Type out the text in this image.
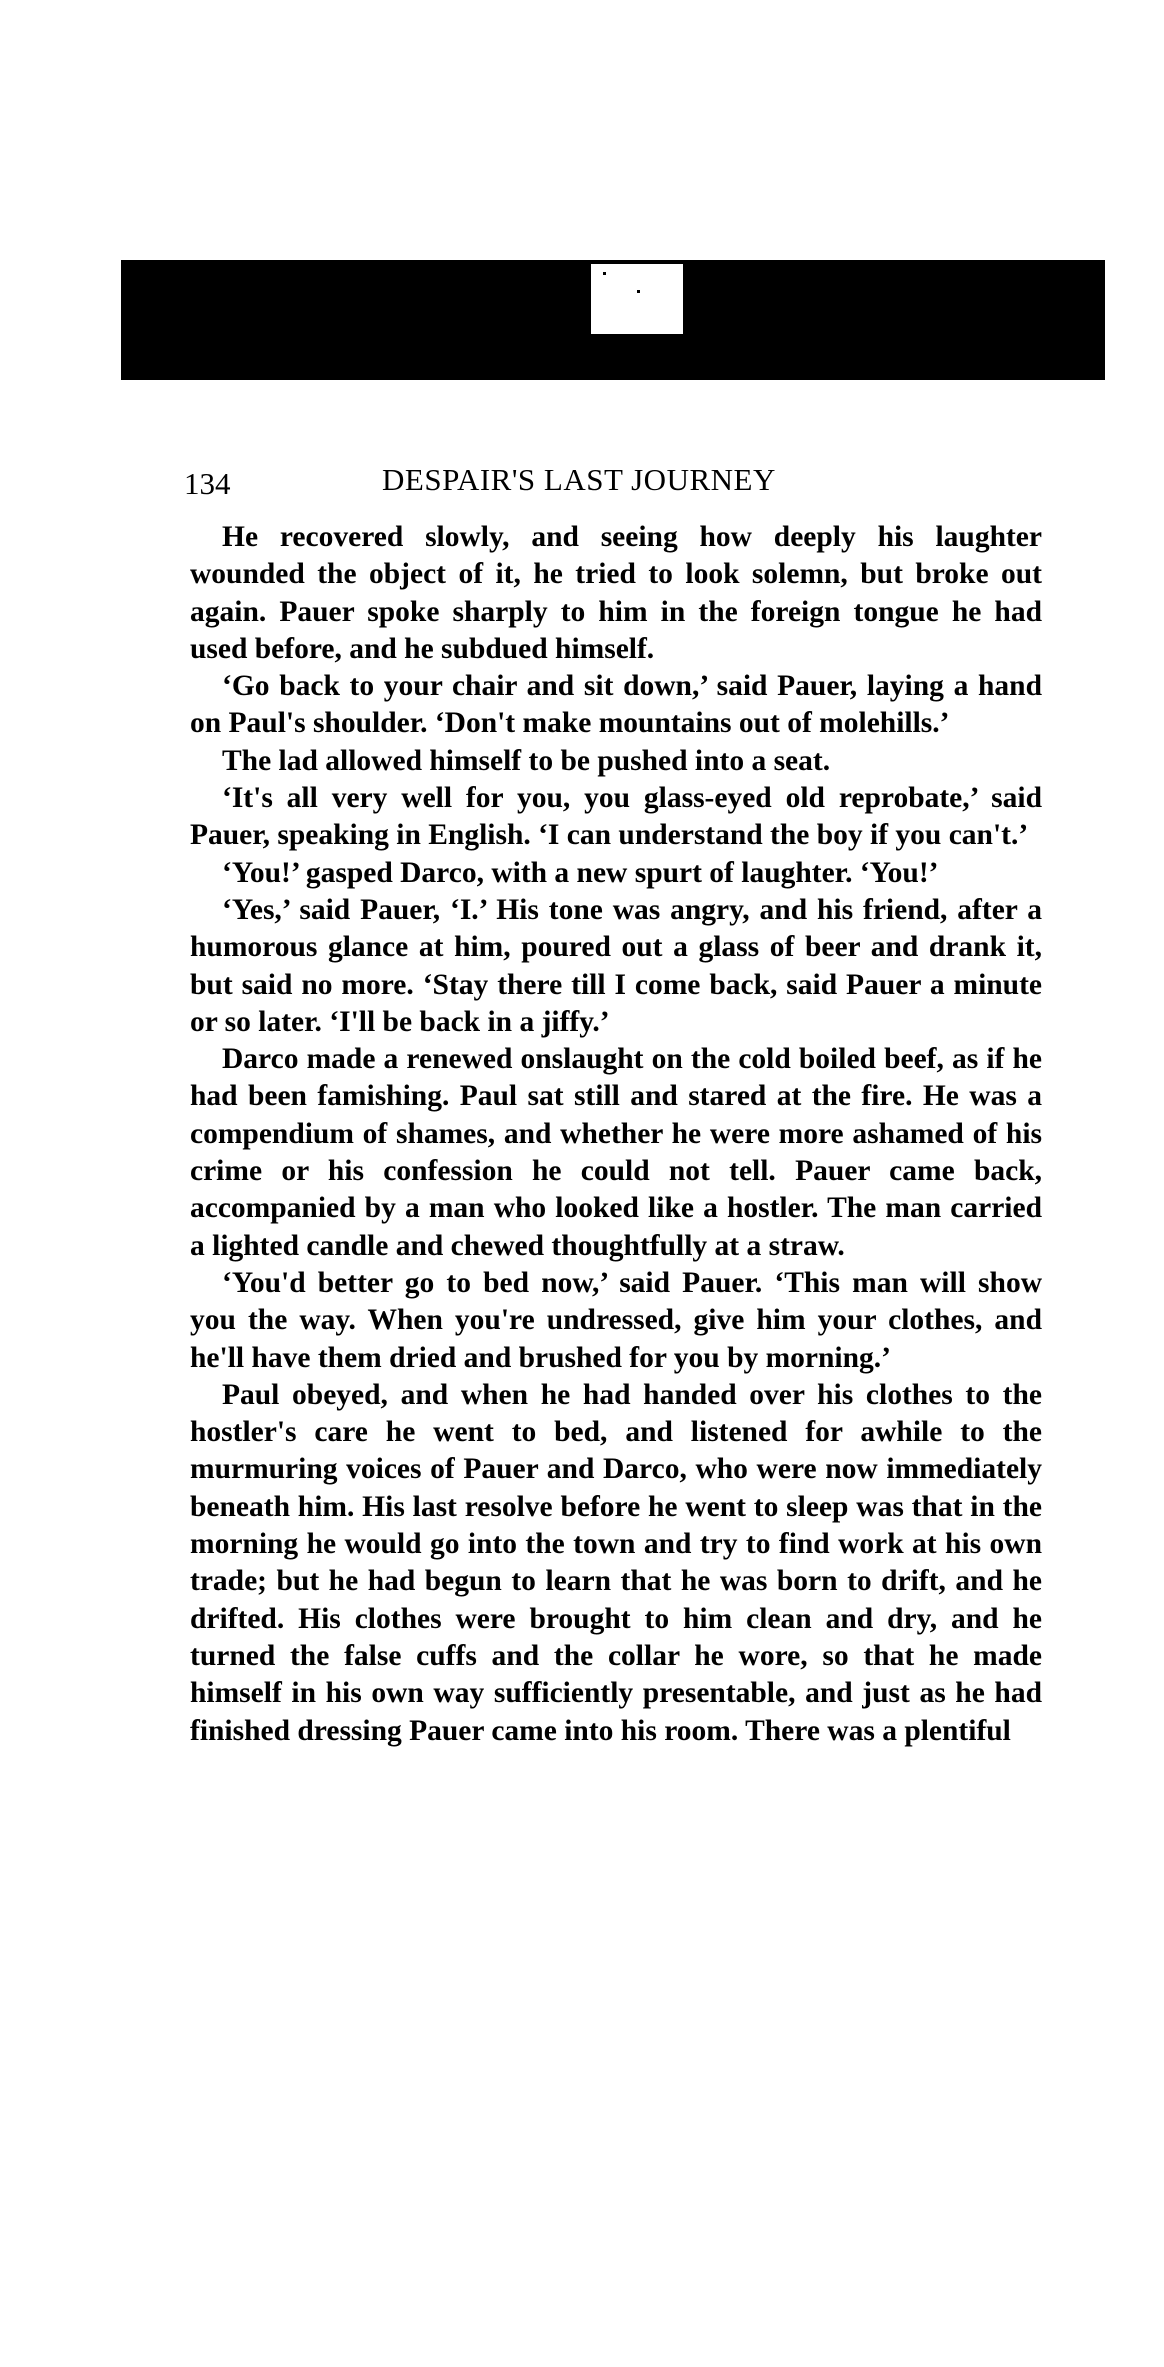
134	DESPAIR'S LAST JOURNEY

He recovered slowly, and seeing how deeply his laughter wounded the object of it, he tried to look solemn, but broke out again. Pauer spoke sharply to him in the foreign tongue he had used before, and he subdued himself.

‘Go back to your chair and sit down,’ said Pauer, laying a hand on Paul's shoulder. ‘Don't make mountains out of molehills.’

The lad allowed himself to be pushed into a seat.

‘It's all very well for you, you glass-eyed old reprobate,’ said Pauer, speaking in English. ‘I can understand the boy if you can't.’

‘You!’ gasped Darco, with a new spurt of laughter. ‘You!’

‘Yes,’ said Pauer, ‘I.’ His tone was angry, and his friend, after a humorous glance at him, poured out a glass of beer and drank it, but said no more. ‘Stay there till I come back, said Pauer a minute or so later. ‘I'll be back in a jiffy.’

Darco made a renewed onslaught on the cold boiled beef, as if he had been famishing. Paul sat still and stared at the fire. He was a compendium of shames, and whether he were more ashamed of his crime or his confession he could not tell. Pauer came back, accompanied by a man who looked like a hostler. The man carried a lighted candle and chewed thoughtfully at a straw.

‘You'd better go to bed now,’ said Pauer. ‘This man will show you the way. When you're undressed, give him your clothes, and he'll have them dried and brushed for you by morning.’

Paul obeyed, and when he had handed over his clothes to the hostler's care he went to bed, and listened for awhile to the murmuring voices of Pauer and Darco, who were now immediately beneath him. His last resolve before he went to sleep was that in the morning he would go into the town and try to find work at his own trade; but he had begun to learn that he was born to drift, and he drifted. His clothes were brought to him clean and dry, and he turned the false cuffs and the collar he wore, so that he made himself in his own way sufficiently presentable, and just as he had finished dressing Pauer came into his room. There was a plentiful
